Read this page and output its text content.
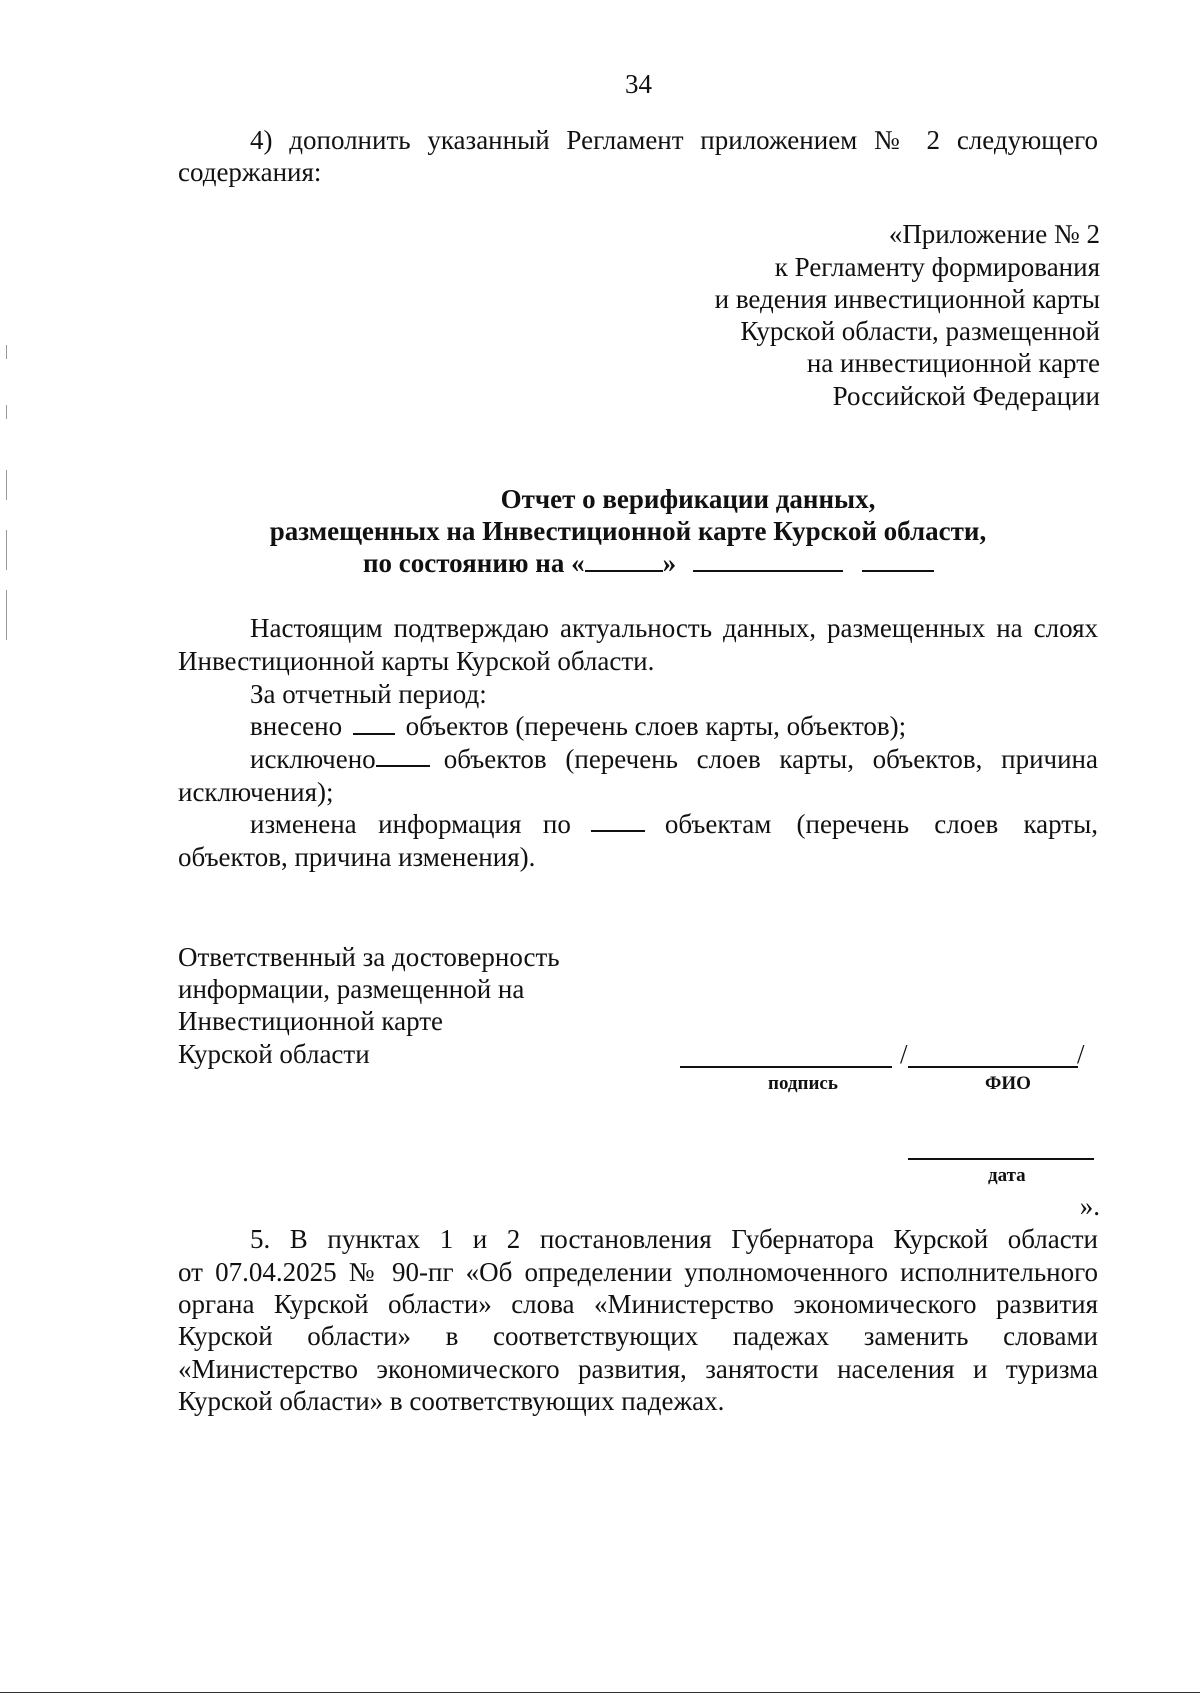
34
4) дополнить указанный Регламент приложением № 2 следующего
содержания:
«Приложение № 2
к Регламенту формирования
и ведения инвестиционной карты
Курской области, размещенной
на инвестиционной карте
Российской Федерации
Отчет о верификации данных,
размещенных на Инвестиционной карте Курской области,
по состоянию на «	»
Настоящим подтверждаю актуальность данных, размещенных на слоях
Инвестиционной карты Курской области.
За отчетный период:
внесено объектов (перечень слоев карты, объектов);
исключено	объектов (перечень слоев карты, объектов, причина
исключения);
изменена информация по	объектам (перечень слоев карты,
объектов, причина изменения).
Ответственный за достоверность
информации, размещенной на
Инвестиционной карте
Курской области	/	/
подпись	ФИО
дата
».
5. В пунктах 1 и 2 постановления Губернатора Курской области
от 07.04.2025 № 90-пг «Об определении уполномоченного исполнительного
органа Курской области» слова «Министерство экономического развития
Курской области» в соответствующих падежах заменить словами
«Министерство экономического развития, занятости населения и туризма
Курской области» в соответствующих падежах.
